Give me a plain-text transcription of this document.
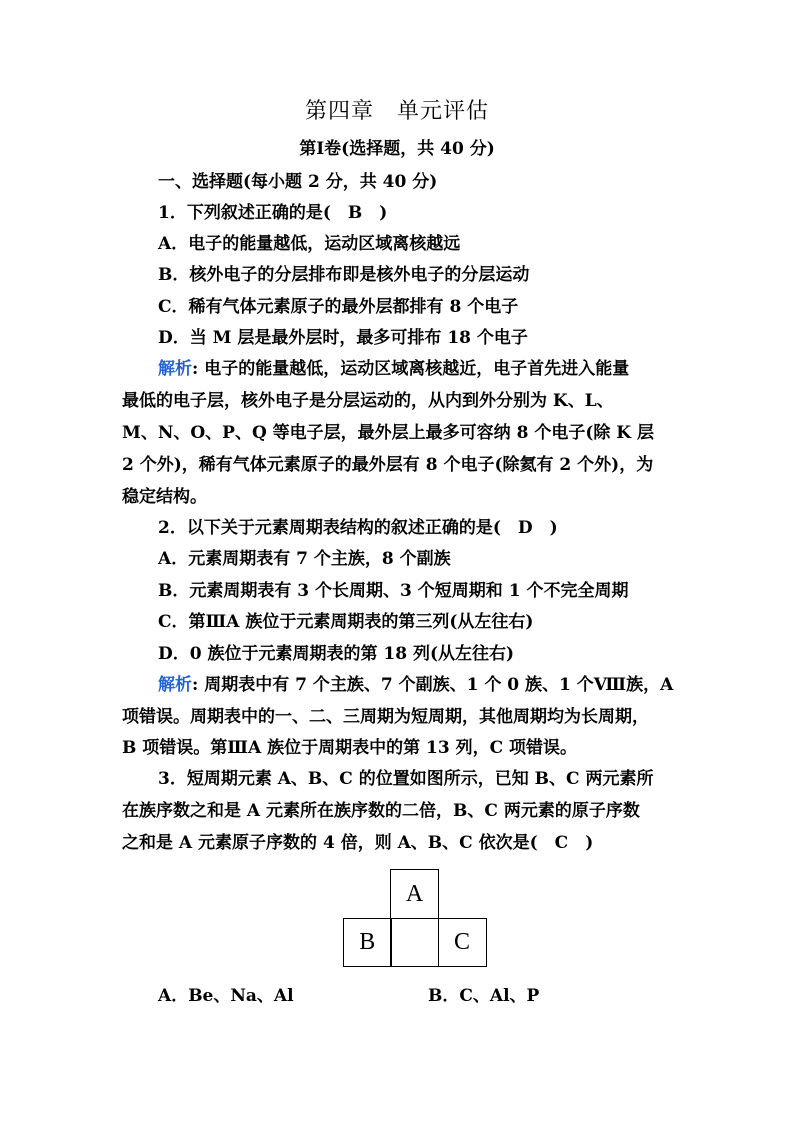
第四章　单元评估
第Ⅰ卷(选择题，共 40 分)
一、选择题(每小题 2 分，共 40 分)
1．下列叙述正确的是(　B　)
A．电子的能量越低，运动区域离核越远
B．核外电子的分层排布即是核外电子的分层运动
C．稀有气体元素原子的最外层都排有 8 个电子
D．当 M 层是最外层时，最多可排布 18 个电子
解析: 电子的能量越低，运动区域离核越近，电子首先进入能量
最低的电子层，核外电子是分层运动的，从内到外分别为 K、L、
M、N、O、P、Q 等电子层，最外层上最多可容纳 8 个电子(除 K 层
2 个外)，稀有气体元素原子的最外层有 8 个电子(除氦有 2 个外)，为
稳定结构。
2．以下关于元素周期表结构的叙述正确的是(　D　)
A．元素周期表有 7 个主族，8 个副族
B．元素周期表有 3 个长周期、3 个短周期和 1 个不完全周期
C．第ⅢA 族位于元素周期表的第三列(从左往右)
D．0 族位于元素周期表的第 18 列(从左往右)
解析: 周期表中有 7 个主族、7 个副族、1 个 0 族、1 个Ⅷ族，A
项错误。周期表中的一、二、三周期为短周期，其他周期均为长周期，
B 项错误。第ⅢA 族位于周期表中的第 13 列，C 项错误。
3．短周期元素 A、B、C 的位置如图所示，已知 B、C 两元素所
在族序数之和是 A 元素所在族序数的二倍，B、C 两元素的原子序数
之和是 A 元素原子序数的 4 倍，则 A、B、C 依次是(　C　)
A
B	C
A．Be、Na、Al	B．C、Al、P
